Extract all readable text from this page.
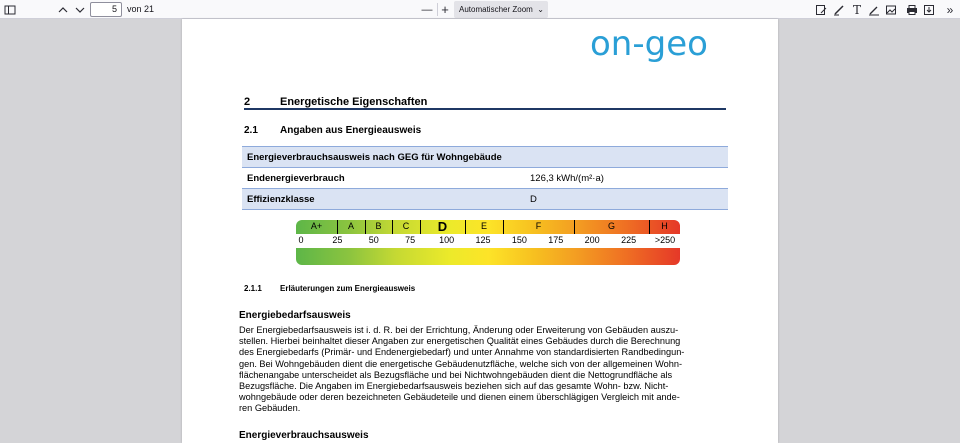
5	von 21	— +	Automatischer Zoom ⌄	T	»
on-geo
2	Energetische Eigenschaften
2.1 Angaben aus Energieausweis
Energieverbrauchsausweis nach GEG für Wohngebäude	
Endenergieverbrauch	126,3 kWh/(m²·a)
Effizienzklasse	D
A+	A B C D	E	F	G	H
0	25	50	75	100 125 150 175 200 225 >250
2.1.1 Erläuterungen zum Energieausweis
Energiebedarfsausweis
Der Energiebedarfsausweis ist i. d. R. bei der Errichtung, Änderung oder Erweiterung von Gebäuden auszu-
stellen. Hierbei beinhaltet dieser Angaben zur energetischen Qualität eines Gebäudes durch die Berechnung
des Energiebedarfs (Primär- und Endenergiebedarf) und unter Annahme von standardisierten Randbedingun-
gen. Bei Wohngebäuden dient die energetische Gebäudenutzfläche, welche sich von der allgemeinen Wohn-
flächenangabe unterscheidet als Bezugsfläche und bei Nichtwohngebäuden dient die Nettogrundfläche als
Bezugsfläche. Die Angaben im Energiebedarfsausweis beziehen sich auf das gesamte Wohn- bzw. Nicht-
wohngebäude oder deren bezeichneten Gebäudeteile und dienen einem überschlägigen Vergleich mit ande-
ren Gebäuden.
Energieverbrauchsausweis
